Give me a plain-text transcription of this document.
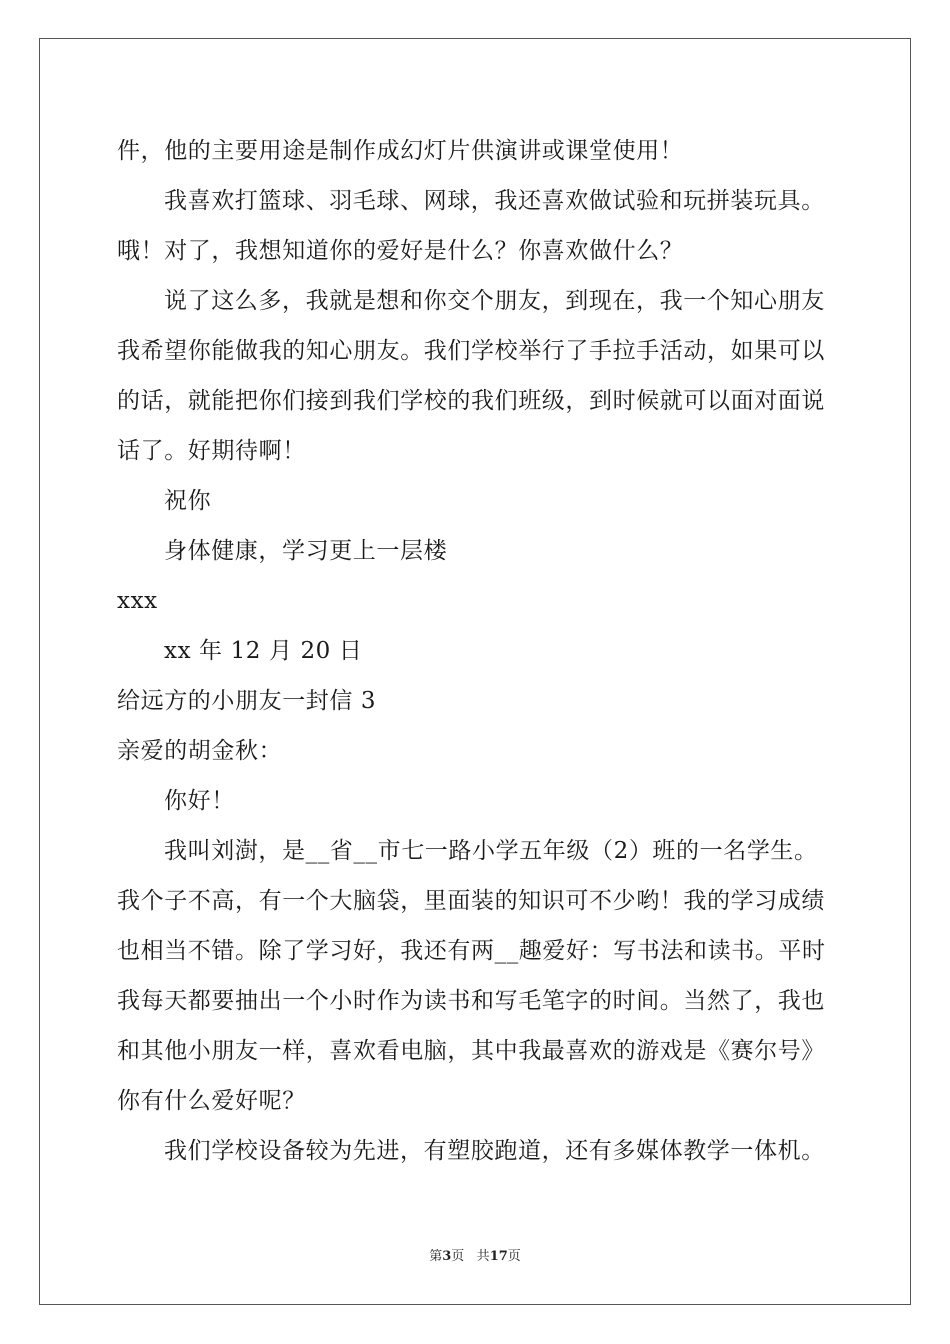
件，他的主要用途是制作成幻灯片供演讲或课堂使用！
我喜欢打篮球、羽毛球、网球，我还喜欢做试验和玩拼装玩具。
哦！对了，我想知道你的爱好是什么？你喜欢做什么？
说了这么多，我就是想和你交个朋友，到现在，我一个知心朋友
我希望你能做我的知心朋友。我们学校举行了手拉手活动，如果可以
的话，就能把你们接到我们学校的我们班级，到时候就可以面对面说
话了。好期待啊！
祝你
身体健康，学习更上一层楼
xxx
xx 年 12 月 20 日
给远方的小朋友一封信 3
亲爱的胡金秋：
你好！
我叫刘澍，是__省__市七一路小学五年级（2）班的一名学生。
我个子不高，有一个大脑袋，里面装的知识可不少哟！我的学习成绩
也相当不错。除了学习好，我还有两__趣爱好：写书法和读书。平时
我每天都要抽出一个小时作为读书和写毛笔字的时间。当然了，我也
和其他小朋友一样，喜欢看电脑，其中我最喜欢的游戏是《赛尔号》
你有什么爱好呢？
我们学校设备较为先进，有塑胶跑道，还有多媒体教学一体机。
第3页 共17页
